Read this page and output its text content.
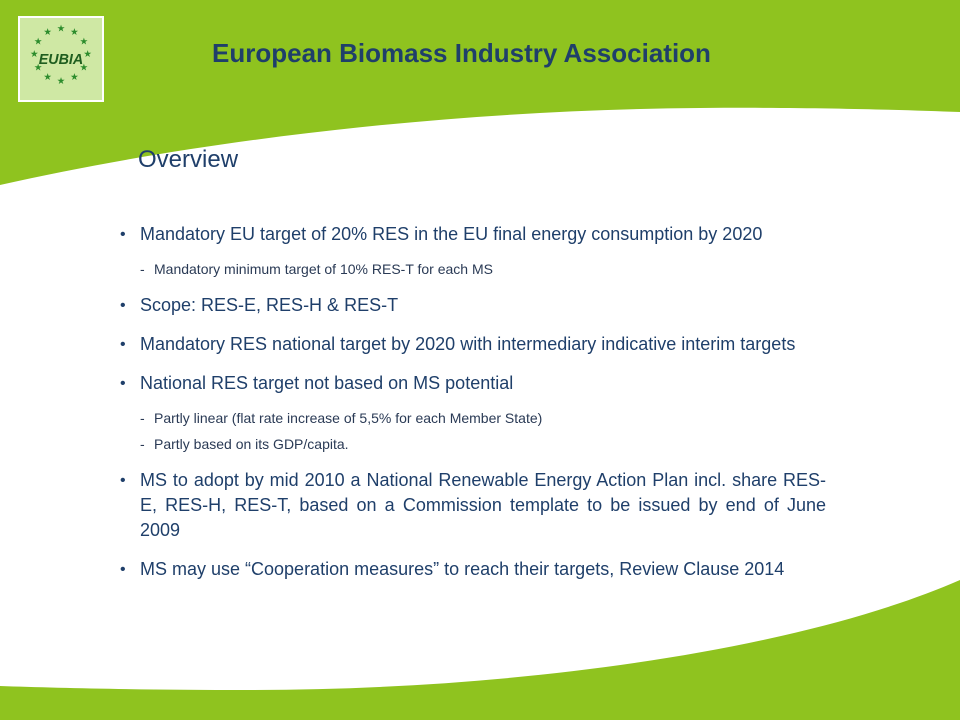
★ ★
★
★
★
★
★
★
★
★
★
★
EUBIA	European Biomass Industry Association
Overview
• Mandatory EU target of 20% RES in the EU final energy consumption by 2020
- Mandatory minimum target of 10% RES-T for each MS
• Scope: RES-E, RES-H & RES-T
• Mandatory RES national target by 2020 with intermediary indicative interim targets
• National RES target not based on MS potential
- Partly linear (flat rate increase of 5,5% for each Member State)
- Partly based on its GDP/capita.
• MS to adopt by mid 2010 a National Renewable Energy Action Plan incl. share RES-E, RES-H, RES-T, based on a Commission template to be issued by end of June 2009
• MS may use “Cooperation measures” to reach their targets, Review Clause 2014
